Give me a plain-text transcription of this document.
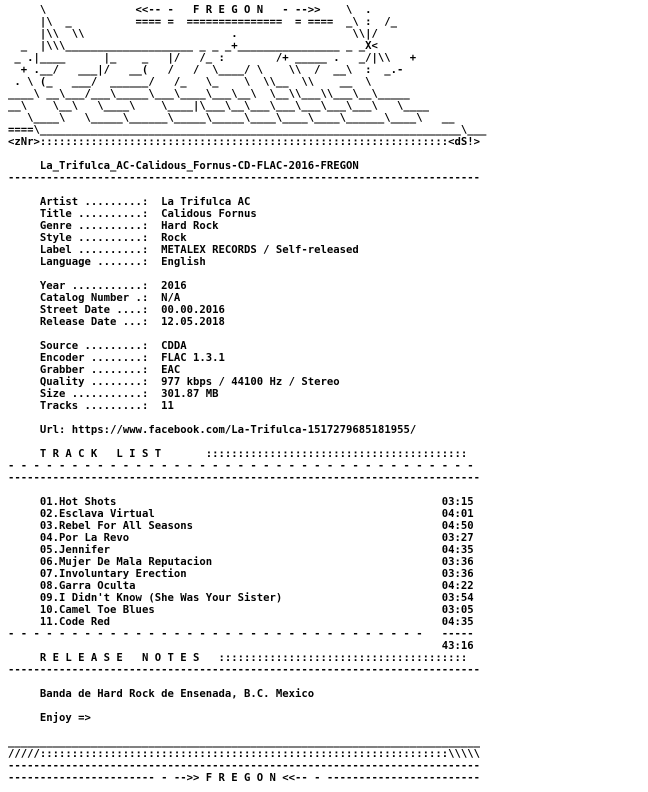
\              <<-- -   F R E G O N   - -->>    \  .
|\  _          ==== =  ===============  = ====  _\ :  /_
|\\  \\                       .                  \\|/
_  |\\\____________________ _ _ _+________________ _ _X<
_ .|____      |_    _   |/   /_ :        /+ _____ .   _/|\\   +
+ .__/   ___|/   __(   /   /  \____/ \    \\  /  __\  :  _.-
. \ (_   ___/  ______/   /_   \_    \  \\__  \\    __  \
____\ __\___/___\_____\___\____\___\__\  \__\\___\\___\__\_____
__\    \__\   \____\    \____|\___\__\___\___\___\___\___\   \____
\____\   \_____\______\_____\_____\____\____\____\______\____\   __
====\__________________________________________________________________\___
<zNr>::::::::::::::::::::::::::::::::::::::::::::::::::::::::::::::::<dS!>

La_Trifulca_AC-Calidous_Fornus-CD-FLAC-2016-FREGON
--------------------------------------------------------------------------

Artist .........: La Trifulca AC
Title ..........: Calidous Fornus
Genre ..........: Hard Rock
Style ..........: Rock
Label ..........: METALEX RECORDS / Self-released
Language .......: English

Year ...........: 2016
Catalog Number .: N/A
Street Date ....: 00.00.2016
Release Date ...: 12.05.2018

Source .........: CDDA
Encoder ........: FLAC 1.3.1
Grabber ........: EAC
Quality ........: 977 kbps / 44100 Hz / Stereo
Size ...........: 301.87 MB
Tracks .........: 11

Url: https://www.facebook.com/La-Trifulca-1517279685181955/

T R A C K   L I S T       :::::::::::::::::::::::::::::::::::::::::
- - - - - - - - - - - - - - - - - - - - - - - - - - - - - - - - - - - - -
--------------------------------------------------------------------------

01.Hot Shots	03:15
02.Esclava Virtual	04:01
03.Rebel For All Seasons	04:50
04.Por La Revo	03:27
05.Jennifer	04:35
06.Mujer De Mala Reputacion	03:36
07.Involuntary Erection	03:36
08.Garra Oculta	04:22
09.I Didn't Know (She Was Your Sister)	03:54
10.Camel Toe Blues	03:05
11.Code Red	04:35
- - - - - - - - - - - - - - - - - - - - - - - - - - - - - - - - -   -----
43:16
R E L E A S E   N O T E S   :::::::::::::::::::::::::::::::::::::::
--------------------------------------------------------------------------

Banda de Hard Rock de Ensenada, B.C. Mexico

Enjoy =>

__________________________________________________________________________
/////::::::::::::::::::::::::::::::::::::::::::::::::::::::::::::::::\\\\\
--------------------------------------------------------------------------
----------------------- - -->> F R E G O N <<-- - ------------------------
